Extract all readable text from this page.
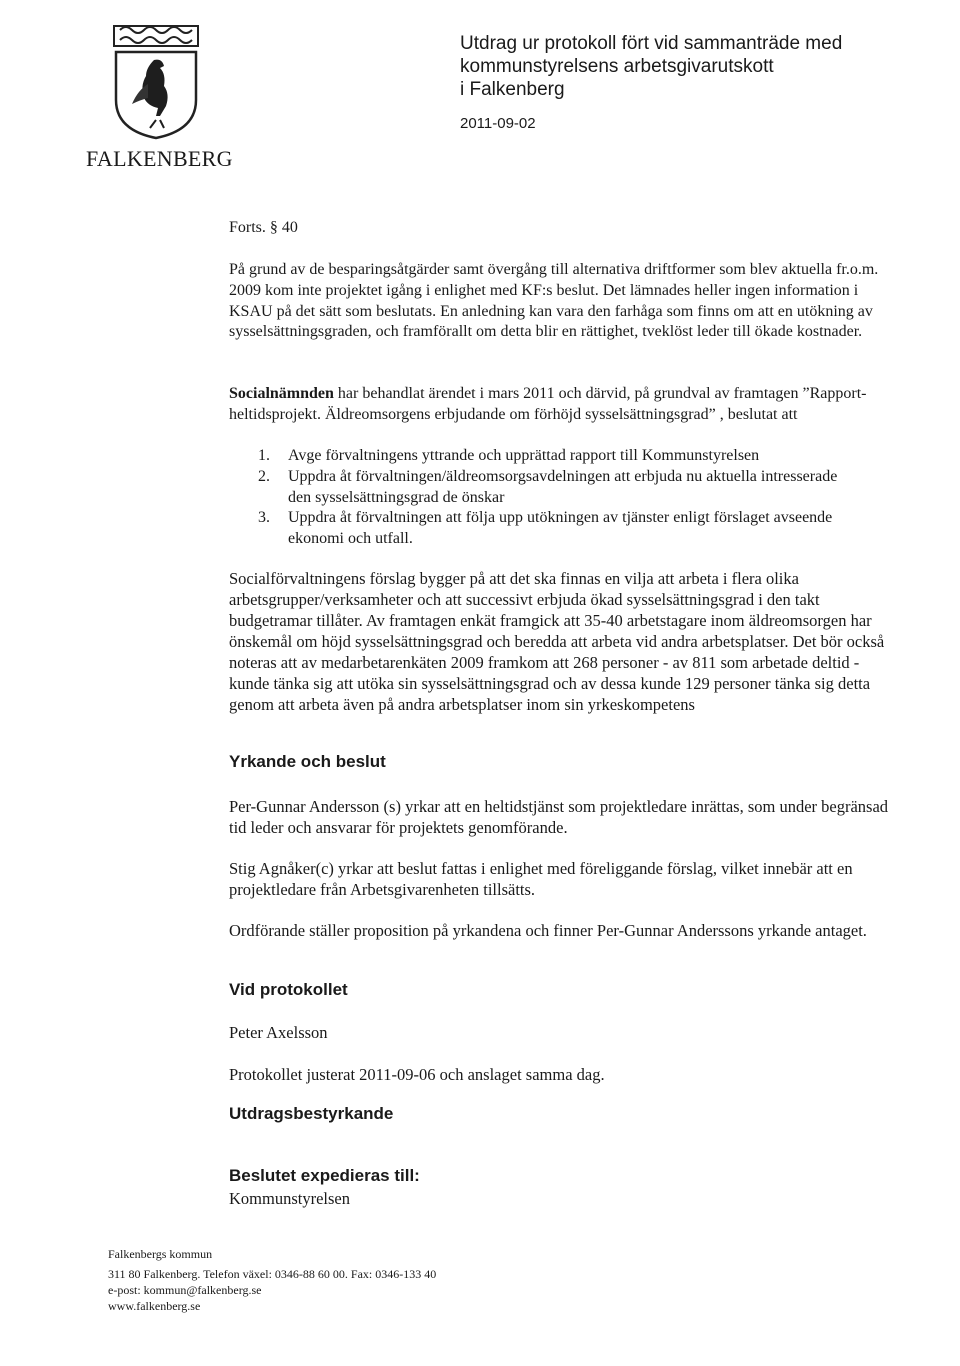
FALKENBERG
Utdrag ur protokoll fört vid sammanträde med
kommunstyrelsens arbetsgivarutskott
i Falkenberg
2011-09-02

Forts. § 40

På grund av de besparingsåtgärder samt övergång till alternativa driftformer som blev aktuella fr.o.m. 2009 kom inte projektet igång i enlighet med KF:s beslut. Det lämnades heller ingen information i KSAU på det sätt som beslutats. En anledning kan vara den farhåga som finns om att en utökning av sysselsättningsgraden, och framförallt om detta blir en rättighet, tveklöst leder till ökade kostnader.

Socialnämnden har behandlat ärendet i mars 2011 och därvid, på grundval av framtagen ”Rapport- heltidsprojekt. Äldreomsorgens erbjudande om förhöjd sysselsättningsgrad” , beslutat att

1. Avge förvaltningens yttrande och upprättad rapport till Kommunstyrelsen
2. Uppdra åt förvaltningen/äldreomsorgsavdelningen att erbjuda nu aktuella intresserade den sysselsättningsgrad de önskar
3. Uppdra åt förvaltningen att följa upp utökningen av tjänster enligt förslaget avseende ekonomi och utfall.

Socialförvaltningens förslag bygger på att det ska finnas en vilja att arbeta i flera olika arbetsgrupper/verksamheter och att successivt erbjuda ökad sysselsättningsgrad i den takt budgetramar tillåter. Av framtagen enkät framgick att 35-40 arbetstagare inom äldreomsorgen har önskemål om höjd sysselsättningsgrad och beredda att arbeta vid andra arbetsplatser. Det bör också noteras att av medarbetarenkäten 2009 framkom att 268 personer - av 811 som arbetade deltid - kunde tänka sig att utöka sin sysselsättningsgrad och av dessa kunde 129 personer tänka sig detta genom att arbeta även på andra arbetsplatser inom sin yrkeskompetens

Yrkande och beslut

Per-Gunnar Andersson (s) yrkar att en heltidstjänst som projektledare inrättas, som under begränsad tid leder och ansvarar för projektets genomförande.

Stig Agnåker(c) yrkar att beslut fattas i enlighet med föreliggande förslag, vilket innebär att en projektledare från Arbetsgivarenheten tillsätts.

Ordförande ställer proposition på yrkandena och finner Per-Gunnar Anderssons yrkande antaget.

Vid protokollet

Peter Axelsson

Protokollet justerat 2011-09-06 och anslaget samma dag.

Utdragsbestyrkande
Beslutet expedieras till:

Kommunstyrelsen

Falkenbergs kommun
311 80 Falkenberg. Telefon växel: 0346-88 60 00. Fax: 0346-133 40
e-post: kommun@falkenberg.se
www.falkenberg.se
